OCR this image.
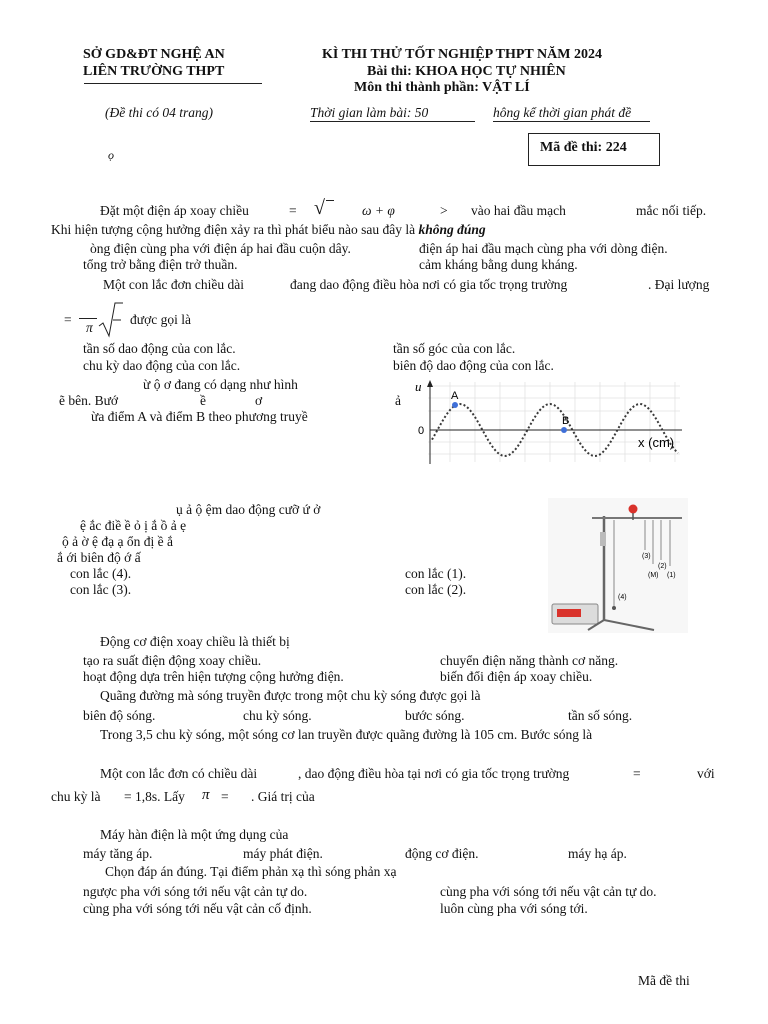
SỞ GD&ĐT NGHỆ AN
LIÊN TRƯỜNG THPT
KÌ THI THỬ TỐT NGHIỆP THPT NĂM 2024
Bài thi: KHOA HỌC TỰ NHIÊN
Môn thi thành phần: VẬT LÍ
(Đề thi có 04 trang)	Thời gian làm bài: 50	hông kể thời gian phát đề
Mã đề thi: 224
ọ
Đặt một điện áp xoay chiều	= √	ω + φ	> vào hai đầu mạch	mắc nối tiếp.
Khi hiện tượng cộng hưởng điện xảy ra thì phát biểu nào sau đây là không đúng
òng điện cùng pha với điện áp hai đầu cuộn dây.	điện áp hai đầu mạch cùng pha với dòng điện.
tổng trở bằng điện trở thuần.	cảm kháng bằng dung kháng.
Một con lắc đơn chiều dài	đang dao động điều hòa nơi có gia tốc trọng trường	. Đại lượng
=
π
được gọi là
tần số dao động của con lắc.	tần số góc của con lắc.
chu kỳ dao động của con lắc.	biên độ dao động của con lắc.
ừ ộ ơ đang có dạng như hình
ẽ bên. Bướ	ề	ơ	ả
ừa điểm A và điểm B theo phương truyề
u
0
A
B
x (cm)
ụ ả ộ ệm dao động cưỡ ứ ở
ệ ắc điề ề ỏ ị ắ ồ ả ẹ
ộ ả ờ ệ đạ ạ ổn đị ề ắ
ắ ới biên độ ớ ấ
con lắc (4).	con lắc (1).
con lắc (3).	con lắc (2).
(3)
(2)
(M) (1)
(4)
Động cơ điện xoay chiều là thiết bị
tạo ra suất điện động xoay chiều.	chuyển điện năng thành cơ năng.
hoạt động dựa trên hiện tượng cộng hưởng điện.	biến đổi điện áp xoay chiều.
Quãng đường mà sóng truyền được trong một chu kỳ sóng được gọi là
biên độ sóng.	chu kỳ sóng.	bước sóng.	tần số sóng.
Trong 3,5 chu kỳ sóng, một sóng cơ lan truyền được quãng đường là 105 cm. Bước sóng là
Một con lắc đơn có chiều dài	, dao động điều hòa tại nơi có gia tốc trọng trường	=	với
chu kỳ là = 1,8s. Lấy π = . Giá trị của
Máy hàn điện là một ứng dụng của
máy tăng áp.	máy phát điện.	động cơ điện.	máy hạ áp.
Chọn đáp án đúng. Tại điểm phản xạ thì sóng phản xạ
ngược pha với sóng tới nếu vật cản tự do.	cùng pha với sóng tới nếu vật cản tự do.
cùng pha với sóng tới nếu vật cản cố định.	luôn cùng pha với sóng tới.
Mã đề thi
